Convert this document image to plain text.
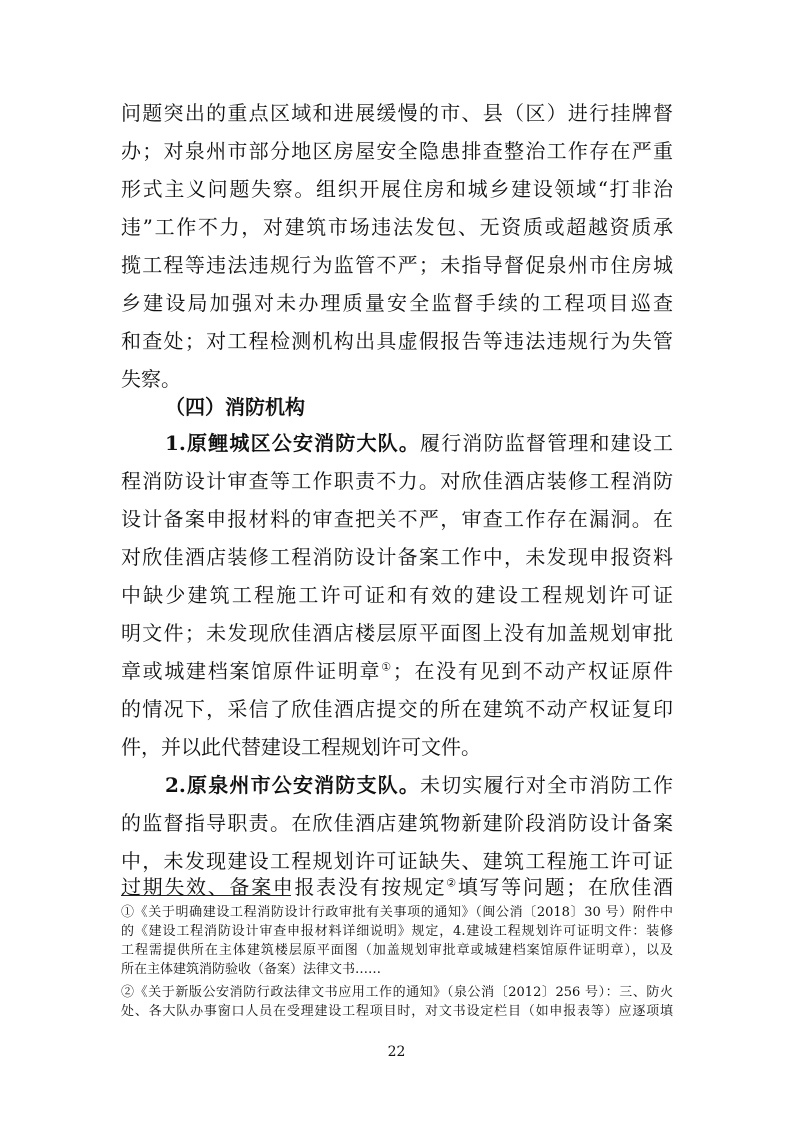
问题突出的重点区域和进展缓慢的市、县（区）进行挂牌督
办；对泉州市部分地区房屋安全隐患排查整治工作存在严重
形式主义问题失察。组织开展住房和城乡建设领域“打非治
违”工作不力，对建筑市场违法发包、无资质或超越资质承
揽工程等违法违规行为监管不严；未指导督促泉州市住房城
乡建设局加强对未办理质量安全监督手续的工程项目巡查
和查处；对工程检测机构出具虚假报告等违法违规行为失管
失察。
（四）消防机构
1.原鲤城区公安消防大队。履行消防监督管理和建设工
程消防设计审查等工作职责不力。对欣佳酒店装修工程消防
设计备案申报材料的审查把关不严，审查工作存在漏洞。在
对欣佳酒店装修工程消防设计备案工作中，未发现申报资料
中缺少建筑工程施工许可证和有效的建设工程规划许可证
明文件；未发现欣佳酒店楼层原平面图上没有加盖规划审批
章或城建档案馆原件证明章①；在没有见到不动产权证原件
的情况下，采信了欣佳酒店提交的所在建筑不动产权证复印
件，并以此代替建设工程规划许可文件。
2.原泉州市公安消防支队。未切实履行对全市消防工作
的监督指导职责。在欣佳酒店建筑物新建阶段消防设计备案
中，未发现建设工程规划许可证缺失、建筑工程施工许可证
过期失效、备案申报表没有按规定②填写等问题；在欣佳酒
①《关于明确建设工程消防设计行政审批有关事项的通知》（闽公消〔2018〕30 号）附件中
的《建设工程消防设计审查申报材料详细说明》规定，4.建设工程规划许可证明文件：装修
工程需提供所在主体建筑楼层原平面图（加盖规划审批章或城建档案馆原件证明章），以及
所在主体建筑消防验收（备案）法律文书……
②《关于新版公安消防行政法律文书应用工作的通知》（泉公消〔2012〕256 号）：三、防火
处、各大队办事窗口人员在受理建设工程项目时，对文书设定栏目（如申报表等）应逐项填
22
